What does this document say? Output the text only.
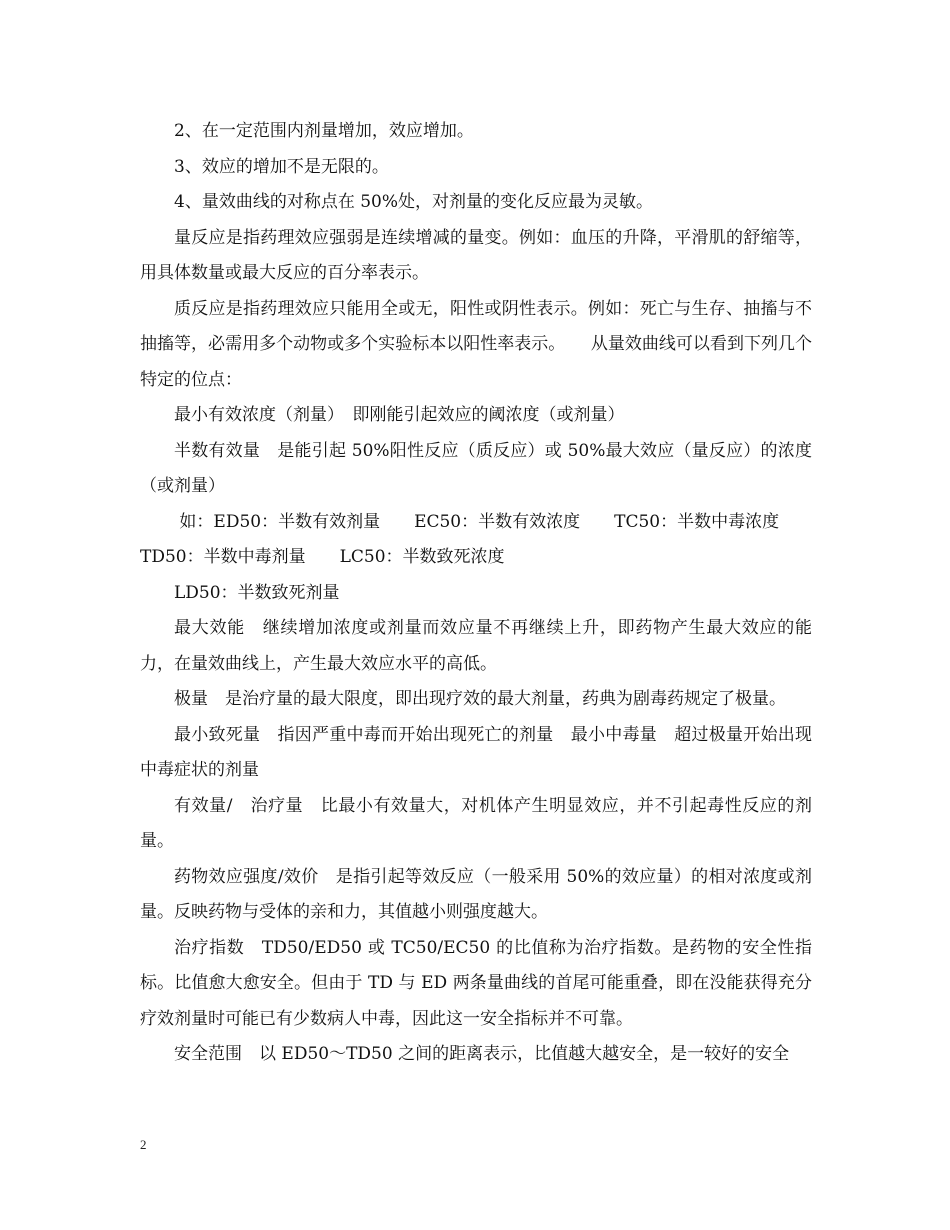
2、在一定范围内剂量增加，效应增加。

3、效应的增加不是无限的。

4、量效曲线的对称点在 50%处，对剂量的变化反应最为灵敏。

量反应是指药理效应强弱是连续增减的量变。例如：血压的升降，平滑肌的舒缩等，用具体数量或最大反应的百分率表示。

质反应是指药理效应只能用全或无，阳性或阴性表示。例如：死亡与生存、抽搐与不抽搐等，必需用多个动物或多个实验标本以阳性率表示。　　从量效曲线可以看到下列几个特定的位点：

最小有效浓度（剂量）　即刚能引起效应的阈浓度（或剂量）

半数有效量　是能引起 50%阳性反应（质反应）或 50%最大效应（量反应）的浓度（或剂量）

如：ED50：半数有效剂量　　EC50：半数有效浓度　　TC50：半数中毒浓度

TD50：半数中毒剂量　　LC50：半数致死浓度

LD50：半数致死剂量

最大效能　继续增加浓度或剂量而效应量不再继续上升，即药物产生最大效应的能力，在量效曲线上，产生最大效应水平的高低。

极量　是治疗量的最大限度，即出现疗效的最大剂量，药典为剧毒药规定了极量。

最小致死量　指因严重中毒而开始出现死亡的剂量　最小中毒量　超过极量开始出现中毒症状的剂量

有效量/　治疗量　比最小有效量大，对机体产生明显效应，并不引起毒性反应的剂量。

药物效应强度/效价　是指引起等效反应（一般采用 50%的效应量）的相对浓度或剂量。反映药物与受体的亲和力，其值越小则强度越大。

治疗指数　TD50/ED50 或 TC50/EC50 的比值称为治疗指数。是药物的安全性指标。比值愈大愈安全。但由于 TD 与 ED 两条量曲线的首尾可能重叠，即在没能获得充分疗效剂量时可能已有少数病人中毒，因此这一安全指标并不可靠。

安全范围　以 ED50～TD50 之间的距离表示，比值越大越安全，是一较好的安全

2
